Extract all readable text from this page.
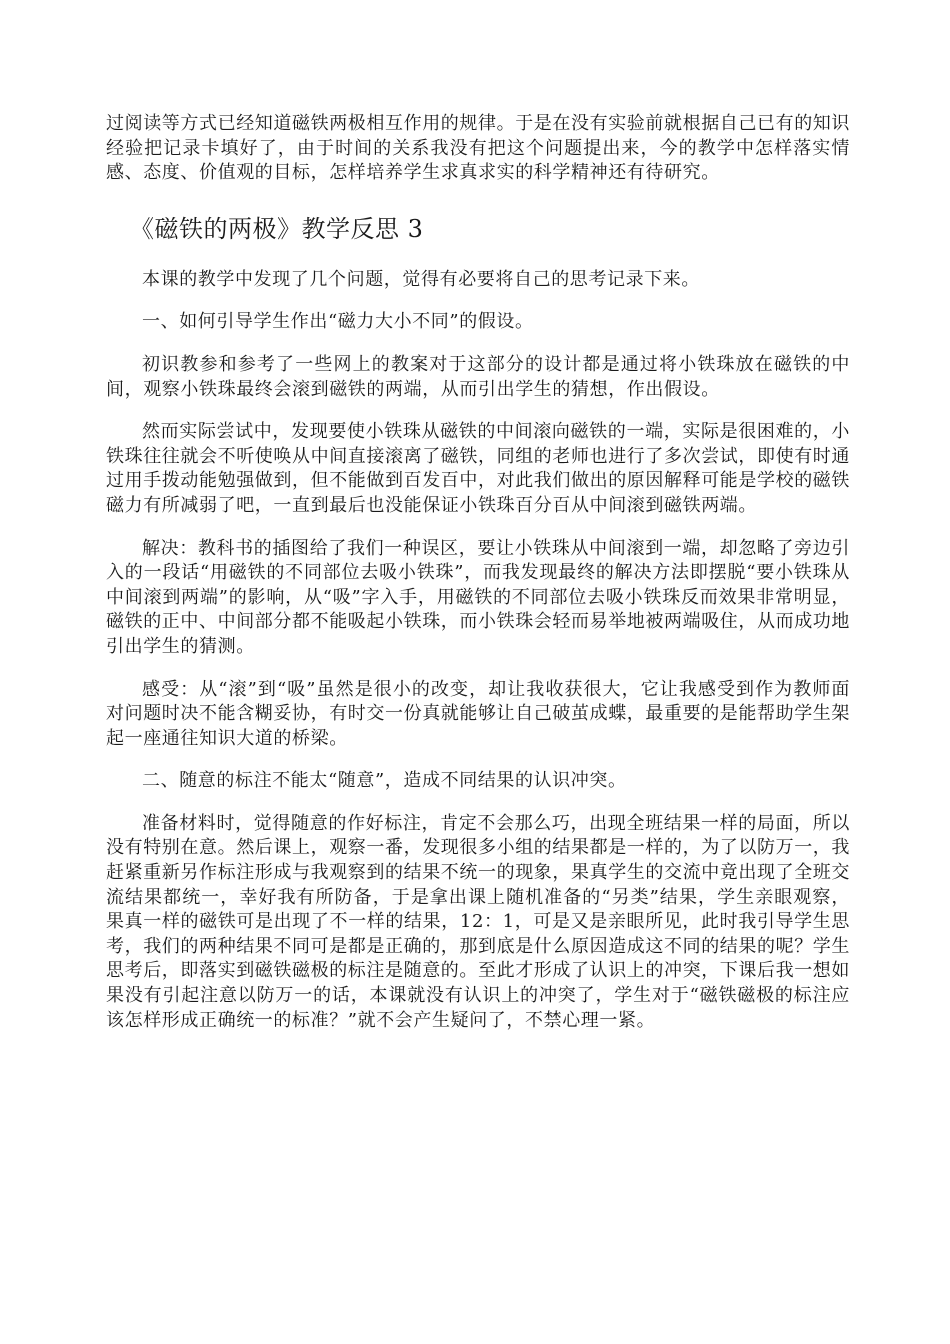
过阅读等方式已经知道磁铁两极相互作用的规律。于是在没有实验前就根据自己已有的知识经验把记录卡填好了，由于时间的关系我没有把这个问题提出来，今的教学中怎样落实情感、态度、价值观的目标，怎样培养学生求真求实的科学精神还有待研究。

《磁铁的两极》教学反思 3

本课的教学中发现了几个问题，觉得有必要将自己的思考记录下来。

一、如何引导学生作出“磁力大小不同”的假设。

初识教参和参考了一些网上的教案对于这部分的设计都是通过将小铁珠放在磁铁的中间，观察小铁珠最终会滚到磁铁的两端，从而引出学生的猜想，作出假设。

然而实际尝试中，发现要使小铁珠从磁铁的中间滚向磁铁的一端，实际是很困难的，小铁珠往往就会不听使唤从中间直接滚离了磁铁，同组的老师也进行了多次尝试，即使有时通过用手拨动能勉强做到，但不能做到百发百中，对此我们做出的原因解释可能是学校的磁铁磁力有所减弱了吧，一直到最后也没能保证小铁珠百分百从中间滚到磁铁两端。

解决：教科书的插图给了我们一种误区，要让小铁珠从中间滚到一端，却忽略了旁边引入的一段话“用磁铁的不同部位去吸小铁珠”，而我发现最终的解决方法即摆脱“要小铁珠从中间滚到两端”的影响，从“吸”字入手，用磁铁的不同部位去吸小铁珠反而效果非常明显，磁铁的正中、中间部分都不能吸起小铁珠，而小铁珠会轻而易举地被两端吸住，从而成功地引出学生的猜测。

感受：从“滚”到“吸”虽然是很小的改变，却让我收获很大，它让我感受到作为教师面对问题时决不能含糊妥协，有时交一份真就能够让自己破茧成蝶，最重要的是能帮助学生架起一座通往知识大道的桥梁。

二、随意的标注不能太“随意”，造成不同结果的认识冲突。

准备材料时，觉得随意的作好标注，肯定不会那么巧，出现全班结果一样的局面，所以没有特别在意。然后课上，观察一番，发现很多小组的结果都是一样的，为了以防万一，我赶紧重新另作标注形成与我观察到的结果不统一的现象，果真学生的交流中竟出现了全班交流结果都统一，幸好我有所防备，于是拿出课上随机准备的“另类”结果，学生亲眼观察，果真一样的磁铁可是出现了不一样的结果，12：1，可是又是亲眼所见，此时我引导学生思考，我们的两种结果不同可是都是正确的，那到底是什么原因造成这不同的结果的呢？学生思考后，即落实到磁铁磁极的标注是随意的。至此才形成了认识上的冲突，下课后我一想如果没有引起注意以防万一的话，本课就没有认识上的冲突了，学生对于“磁铁磁极的标注应该怎样形成正确统一的标准？”就不会产生疑问了，不禁心理一紧。
